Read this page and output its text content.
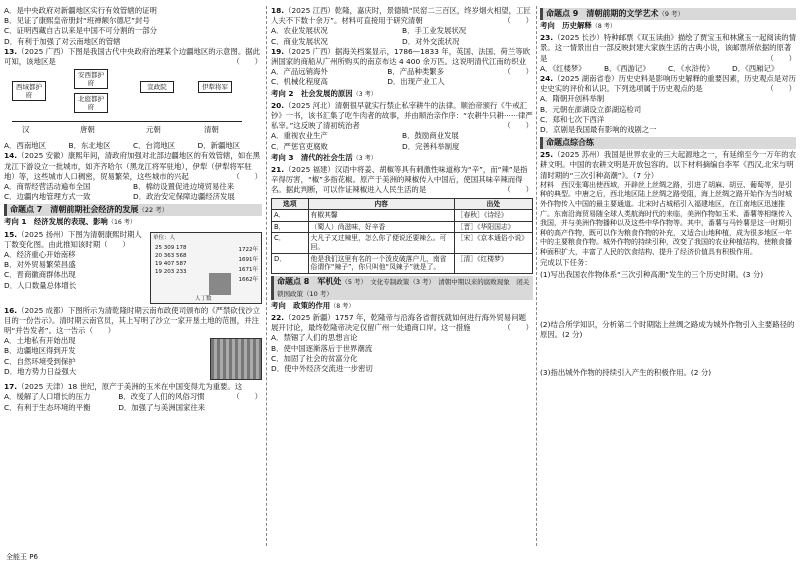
A．是中央政府对新疆地区实行有效管辖的证明
B．见证了康熙皇帝册封“班禅额尔德尼”封号
C．证明西藏自古以来是中国不可分割的一部分
D．有利于加强了对云南地区的管辖

13.（2025 广西）下图是我国古代中央政府治理某个边疆地区的示意图。据此可知，该地区是	（　　）

西域都护府
安西都护府
北庭都护府
宣政院	伊犁将军
汉	唐朝	元朝	清朝
A．西南地区	B．东北地区	C．台湾地区	D．新疆地区

14.（2025 安徽）康熙年间，清政府加强对北部边疆地区的有效管辖，如在黑龙江下游设立一批城市，如齐齐哈尔（黑龙江将军驻地），伊犁（伊犁将军驻地）等，这些城市人口稠密，贸易繁荣，这些城市的兴起	（　　）

A．商帮经营活动遍布全国	B．棉纺设置促进边境贸易往来
C．边疆内地管理方式一致	D．政治安定保障边疆经济发展
命题点 7　清朝前期社会经济的发展（22 考）
考向 1　经济发展的表现、影响（16 考）
单位：人
25 309 178
20 363 568
19 407 587
19 203 233
1722年
1691年
1671年
1662年
人丁数

15.（2025 扬州）下图为清朝康熙时期人丁数变化图。由此推知该时期（　　）

A．经济重心开始南移
B．对外贸易繁荣昌盛
C．晋商徽商群体出现
D．人口数量总体增长

16.（2025 成都）下图所示为清乾隆时期云南布政使司颁布的《严禁砍伐沙立目的一份告示》。清时期云南官员，其上写明了沙立一家开垦土地的范围，并注明“并告发者”。这一告示（　　）

A．土地私有开始出现
B．边疆地区得到开发
C．自然环境受到保护
D．地方势力日益强大

17.（2025 天津）18 世纪，原产于美洲的玉米在中国变得尤为重要。这
（　　）

A．缓解了人口增长的压力	B．改变了人们的风俗习惯
C．有利于生态环境的平衡	D．加强了与美洲国家往来

18.（2025 江西）乾隆，嘉庆时，景德镇“民窑二三百区，终岁烟火相望，工匠人夫不下数十余万”。材料可直接用于研究清朝	（　　）

A．农业发展状况	B．手工业发展状况
C．商业发展状况	D．对外交流状况

19.（2025 广西）据海关档案显示，1786—1833 年，英国、法国、荷兰等欧洲国家的商船从广州所购买的南京布达 4 400 余万匹。这说明清代江南纺织业
（　　）

A．产品远销海外	B．产品种类繁多
C．机械化程度高	D．出现产业工人
考向 2　社会发展的原因（3 考）

20.（2025 河北）清朝很早就实行禁止私宰耕牛的法律。顺治帝颁行《牛戒汇钞》一书，该书汇集了吃牛肉者的故事，并由顺治亲作序：“农耕牛只耕······律严私宰。”这反映了清初统治者	（　　）

A．重视农业生产	B．鼓励商业发展
C．严惩官吏腐败	D．完善科举制度
考向 3　清代的社会生活（3 考）

21.（2025 福建）汉语中将姜、胡椒等具有刺激性味道称为“辛”，而“辣”是指辛得厉害，“椒”多指花椒。原产于美洲的辣椒传入中国后，使国其味辛辣而得名。据此判断，可以作证辣椒进入人民生活的是	（　　）

选项	内容	出处
A．	有椒其馨	［春秋］《诗经》
B．	（蜀人）尚滋味，好辛香	［晋］《华阳国志》
C．	大凡子又过辣里，怎么你了便说还要辣么。可回。	［宋］《京本通俗小说》
D．	他是我们这里有名的一个泼皮破落户儿，南省俗谓作“辣子”，你只叫他“凤辣子”就是了。	［清］《红楼梦》
命题点 8　军机处（5 考）　文化专制政策（3 考）　清朝中期以来的腐败现象　闭关锁国政策（10 考）
考向　政策的作用（8 考）

22.（2025 新疆）1757 年，乾隆帝与沿海各省督抚就如何进行海外贸易问题展开讨论，最终乾隆帝决定仅留广州一处通商口岸。这一措施	（　　）

A．禁锢了人们的思想言论
B．使中国逐渐落后于世界潮流
C．加固了社会的贫富分化
D．使中外经济交流进一步密切
命题点 9　清朝前期的文学艺术（9 考）
考向　历史解释（8 考）

23.（2025 长沙）特种邮票《双玉读曲》描绘了贾宝玉和林黛玉一起阅读的情景。这一情景出自一部反映封建大家族生活的古典小说，该邮票所依据的原著是	（　　）

A．《红楼梦》	B．《西游记》	C．《水浒传》	D．《西厢记》

24.（2025 湖南省卷）历史史料是影响历史解释的重要因素，历史观点是对历史史实的评价和认识。下列选项属于历史观点的是	（　　）

A．隋朝开创科举制
B．元朝在澎湖设立澎湖巡检司
C．郑和七次下西洋
D．京剧是我国最有影响的戏剧之一
命题点综合练

25.（2025 苏州）我国是世界农业的三大起源地之一，有延绵至今一万年的农耕文明。中国的农耕文明是开放包容的。以下材料摘编自李军《西汉,北宋与明清时期的“三次引种高潮”》。（7 分）

材料　西汉张骞出使西域，开辟丝上丝绸之路，引进了胡麻、胡豆、葡萄等，是引种的典型。中唐之后，西北地区陆上丝绸之路受阻，海上丝绸之路开始作为当时城外作物传入中国的最主要通道。北宋时占城稻引入福建地区，在江南地区迅速推广。东南沿海贸易随全球人类航海时代的来临，美洲作物如玉米、番薯等相继传入我国，并与美洲作物播种以及这些中华作物等。其中，番薯与马铃薯是这一时期引种的高产作物，既可以作为粮食作物的补充，又适合山地种植，成为很多地区一年中的主要粮食作物。城外作物的持续引种，改变了我国的农业种植结构，使粮食播种面积扩大，丰富了人民的饮食结构、提升了经济价值具有积极作用。

完成以下任务：

(1)写出我国农作物体系“三次引种高潮”发生的三个历史时期。(3 分)

(2)结合所学知识，分析第二个时期陆上丝绸之路成为城外作物引入主要路径的原因。(2 分)

(3)指出城外作物的持续引入产生的积极作用。(2 分)

全能王 P6
